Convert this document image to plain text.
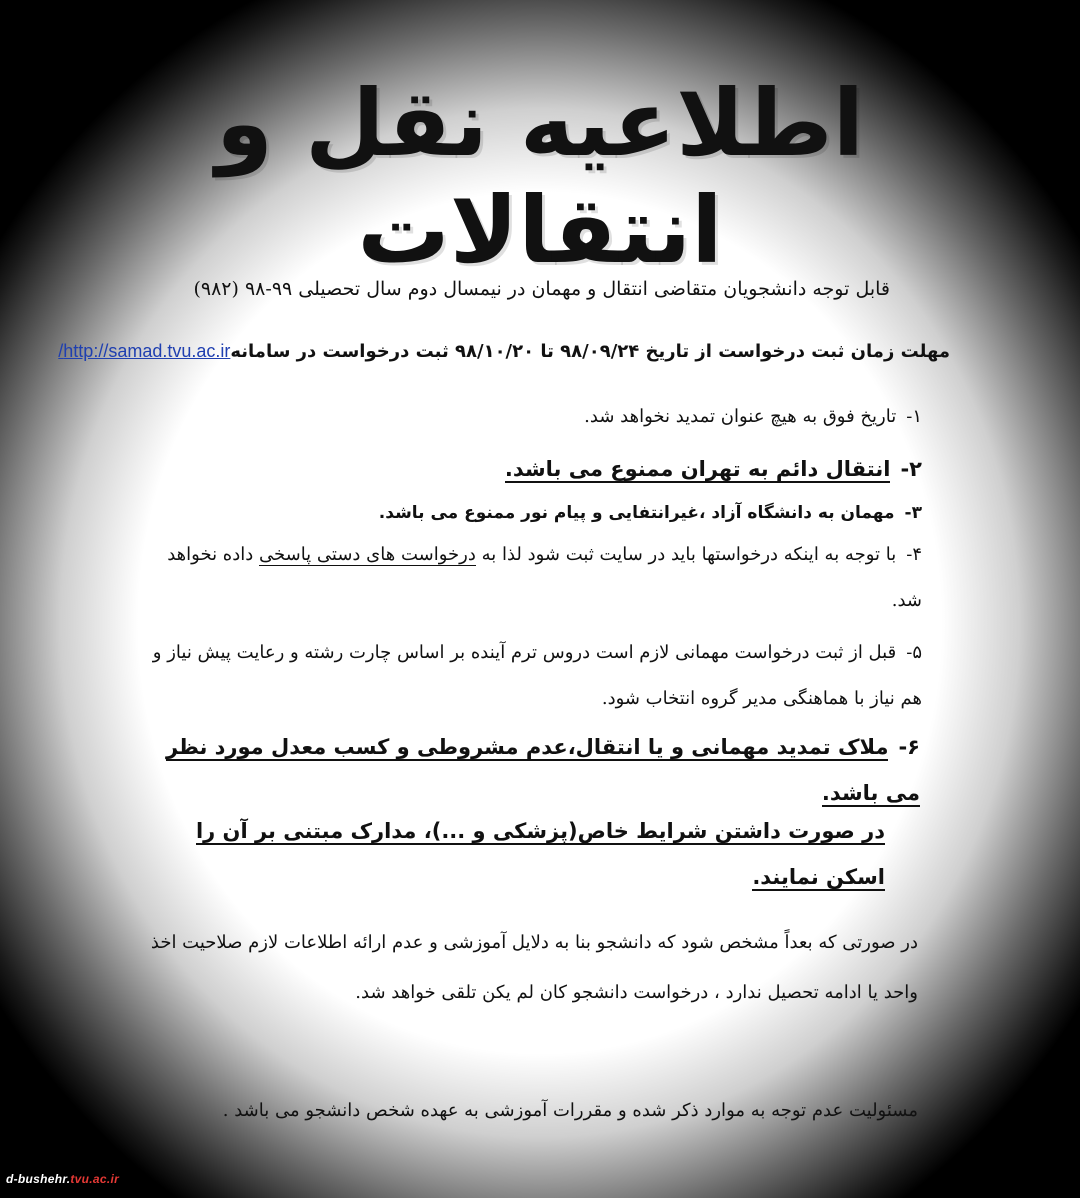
اطلاعیه نقل و انتقالات
قابل توجه دانشجویان متقاضی انتقال و مهمان در نیمسال دوم سال تحصیلی ۹۹-۹۸ (۹۸۲)
مهلت زمان ثبت درخواست از تاریخ ۹۸/۰۹/۲۴ تا ۹۸/۱۰/۲۰ ثبت درخواست در سامانهhttp://samad.tvu.ac.ir/
۱-تاریخ فوق به هیچ عنوان تمدید نخواهد شد.
۲-انتقال دائم به تهران ممنوع می باشد.
۳-مهمان به دانشگاه آزاد ،غیرانتفایی و پیام نور ممنوع می باشد.
۴-با توجه به اینکه درخواستها باید در سایت ثبت شود لذا به درخواست های دستی پاسخی داده نخواهد شد.
۵-قبل از ثبت درخواست مهمانی لازم است دروس ترم آینده بر اساس چارت رشته و رعایت پیش نیاز و هم نیاز با هماهنگی مدیر گروه انتخاب شود.
۶-ملاک تمدید مهمانی و یا انتقال،عدم مشروطی و کسب معدل مورد نظر می باشد.
در صورت داشتن شرایط خاص(پزشکی و ...)، مدارک مبتنی بر آن را اسکن نمایند.
در صورتی که بعداً مشخص شود که دانشجو بنا به دلایل آموزشی و عدم ارائه اطلاعات لازم صلاحیت اخذ واحد یا ادامه تحصیل ندارد ، درخواست دانشجو کان لم یکن تلقی خواهد شد.
مسئولیت عدم توجه به موارد ذکر شده و مقررات آموزشی به عهده شخص دانشجو می باشد .
d-bushehr.tvu.ac.ir
